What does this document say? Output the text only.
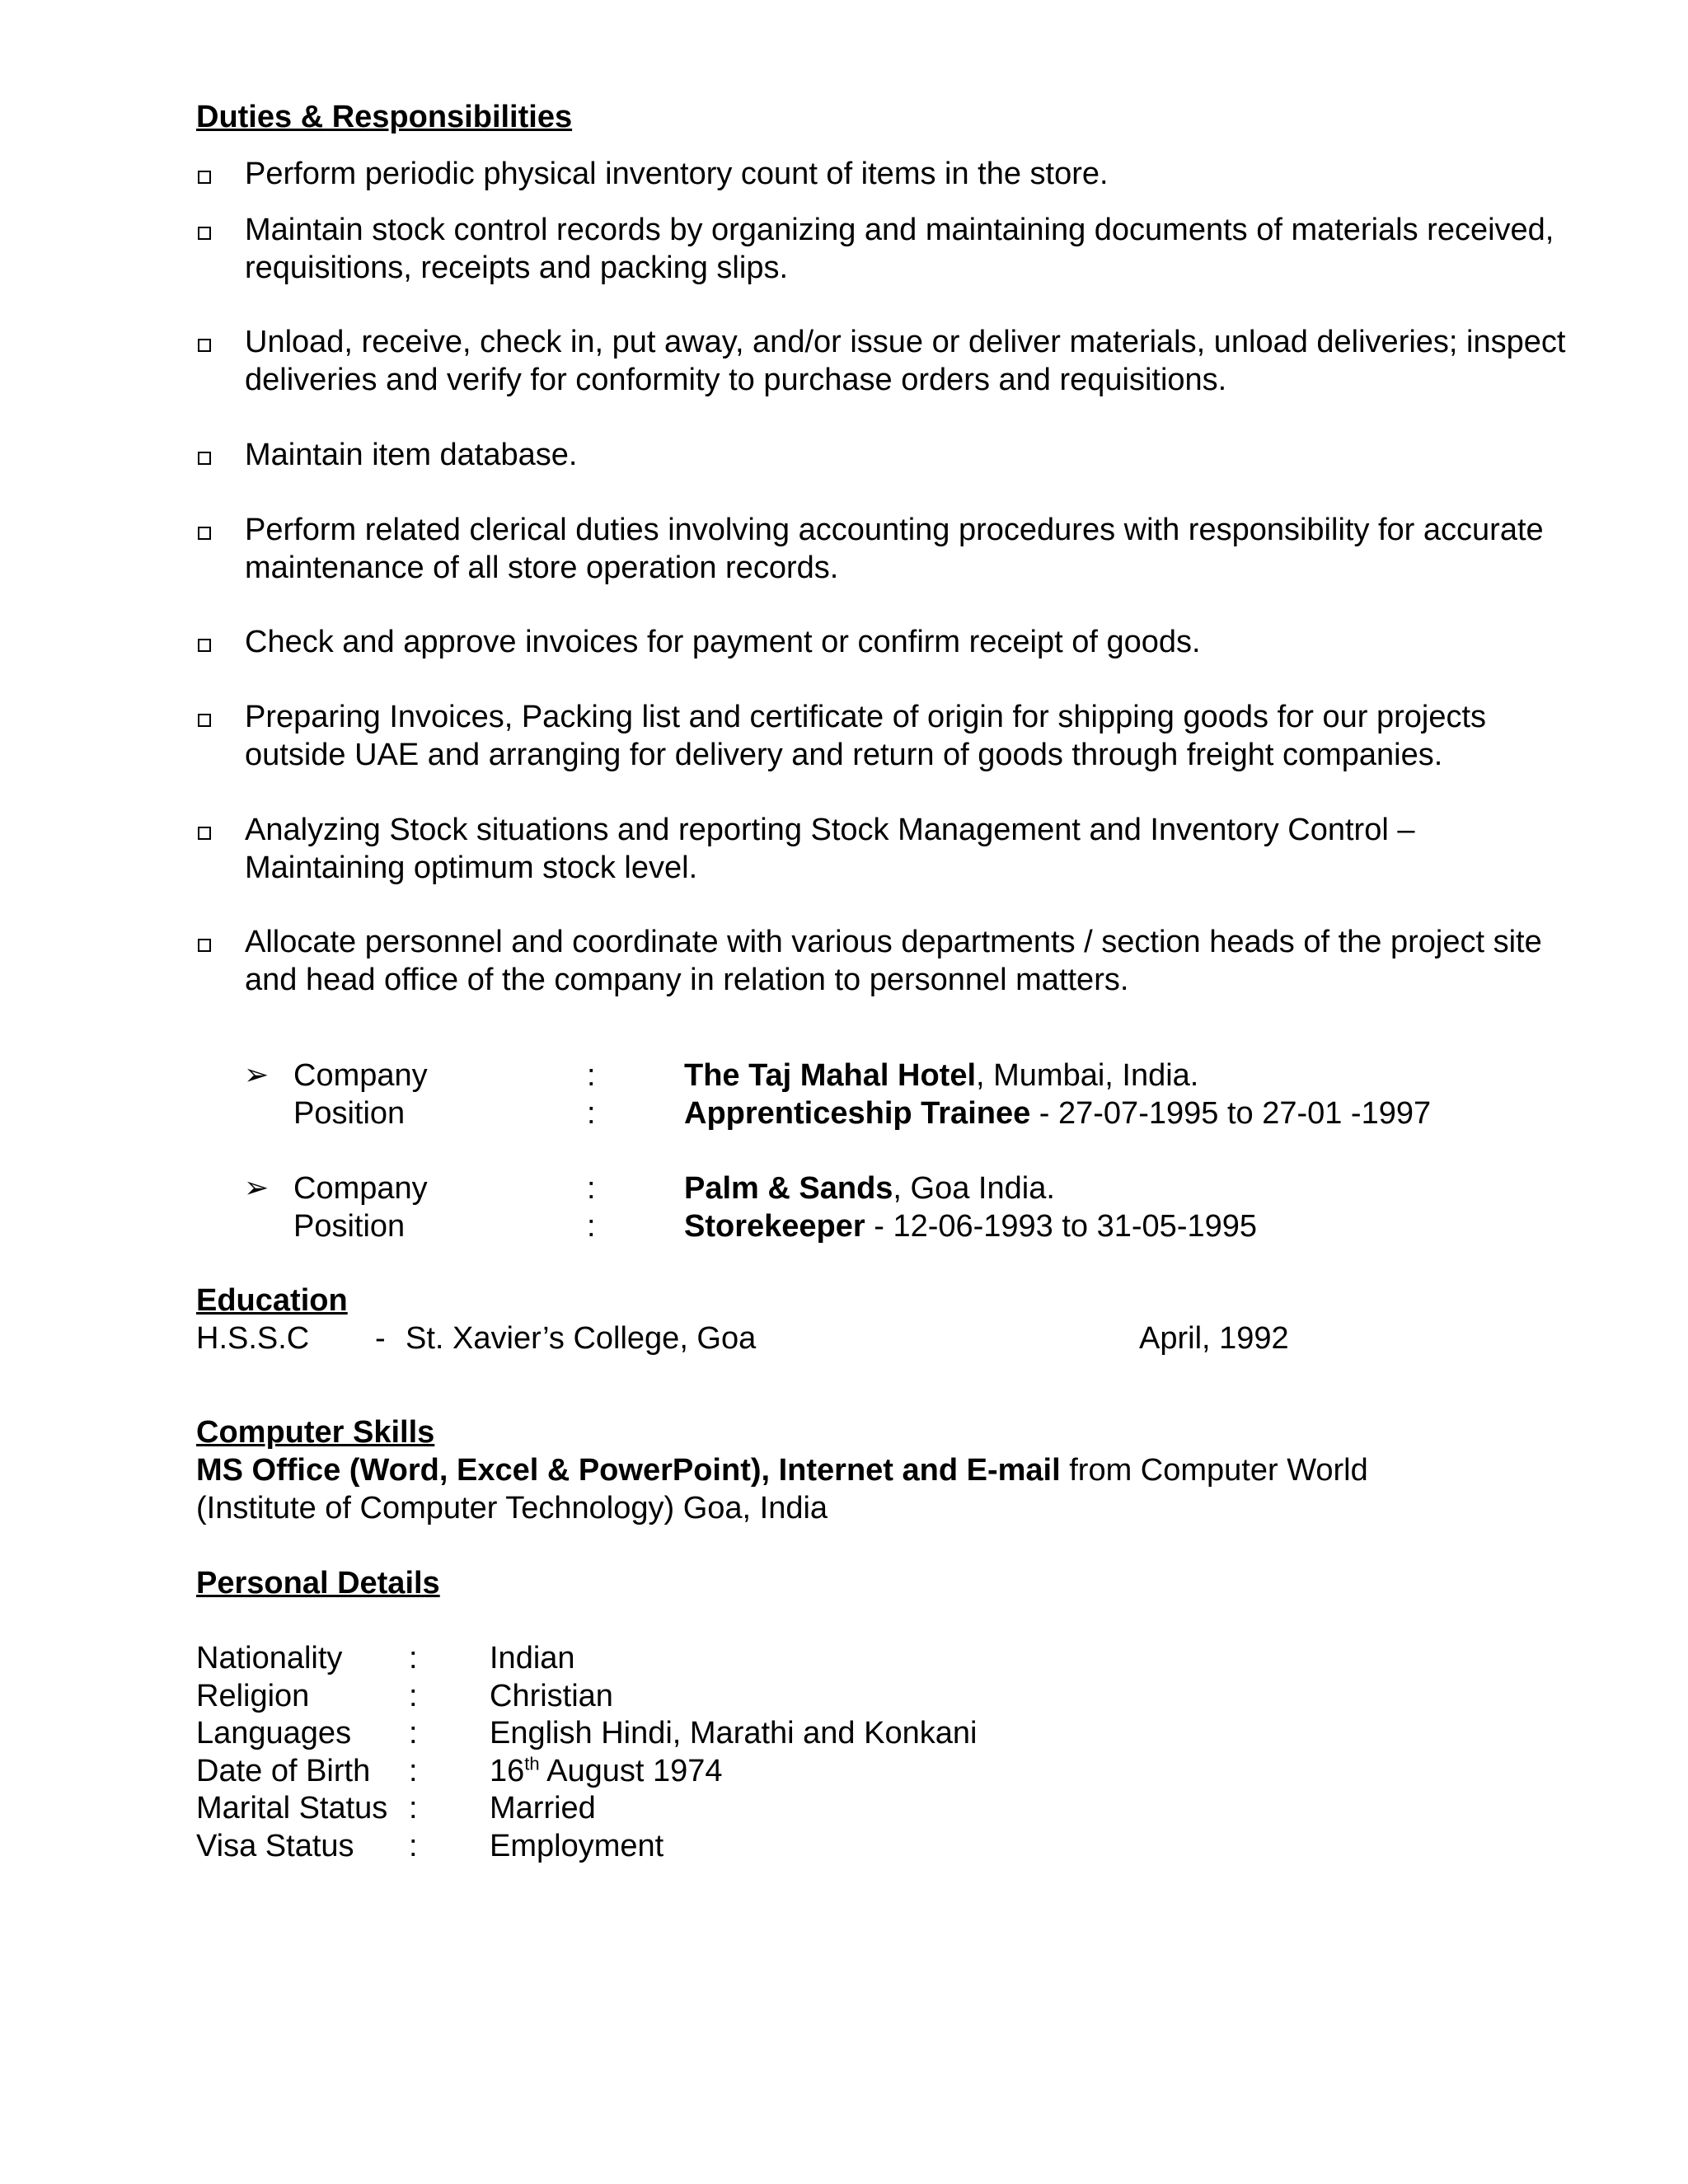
Duties & Responsibilities
Perform periodic physical inventory count of items in the store.
Maintain stock control records by organizing and maintaining documents of materials received, requisitions, receipts and packing slips.
Unload, receive, check in, put away, and/or issue or deliver materials, unload deliveries; inspect deliveries and verify for conformity to purchase orders and requisitions.
Maintain item database.
Perform related clerical duties involving accounting procedures with responsibility for accurate maintenance of all store operation records.
Check and approve invoices for payment or confirm receipt of goods.
Preparing Invoices, Packing list and certificate of origin for shipping goods for our projects outside UAE and arranging for delivery and return of goods through freight companies.
Analyzing Stock situations and reporting Stock Management and Inventory Control – Maintaining optimum stock level.
Allocate personnel and coordinate with various departments / section heads of the project site and head office of the company in relation to personnel matters.
➢ Company	:	The Taj Mahal Hotel, Mumbai, India.
Position	:	Apprenticeship Trainee - 27-07-1995 to 27-01 -1997
➢ Company	:	Palm & Sands, Goa India.
Position	:	Storekeeper - 12-06-1993 to 31-05-1995
Education
H.S.S.C - St. Xavier’s College, Goa	April, 1992
Computer Skills
MS Office (Word, Excel & PowerPoint), Internet and E-mail from Computer World
(Institute of Computer Technology) Goa, India
Personal Details
Nationality : Indian
Religion	: Christian
Languages : English Hindi, Marathi and Konkani
Date of Birth : 16th August 1974
Marital Status : Married
Visa Status : Employment
